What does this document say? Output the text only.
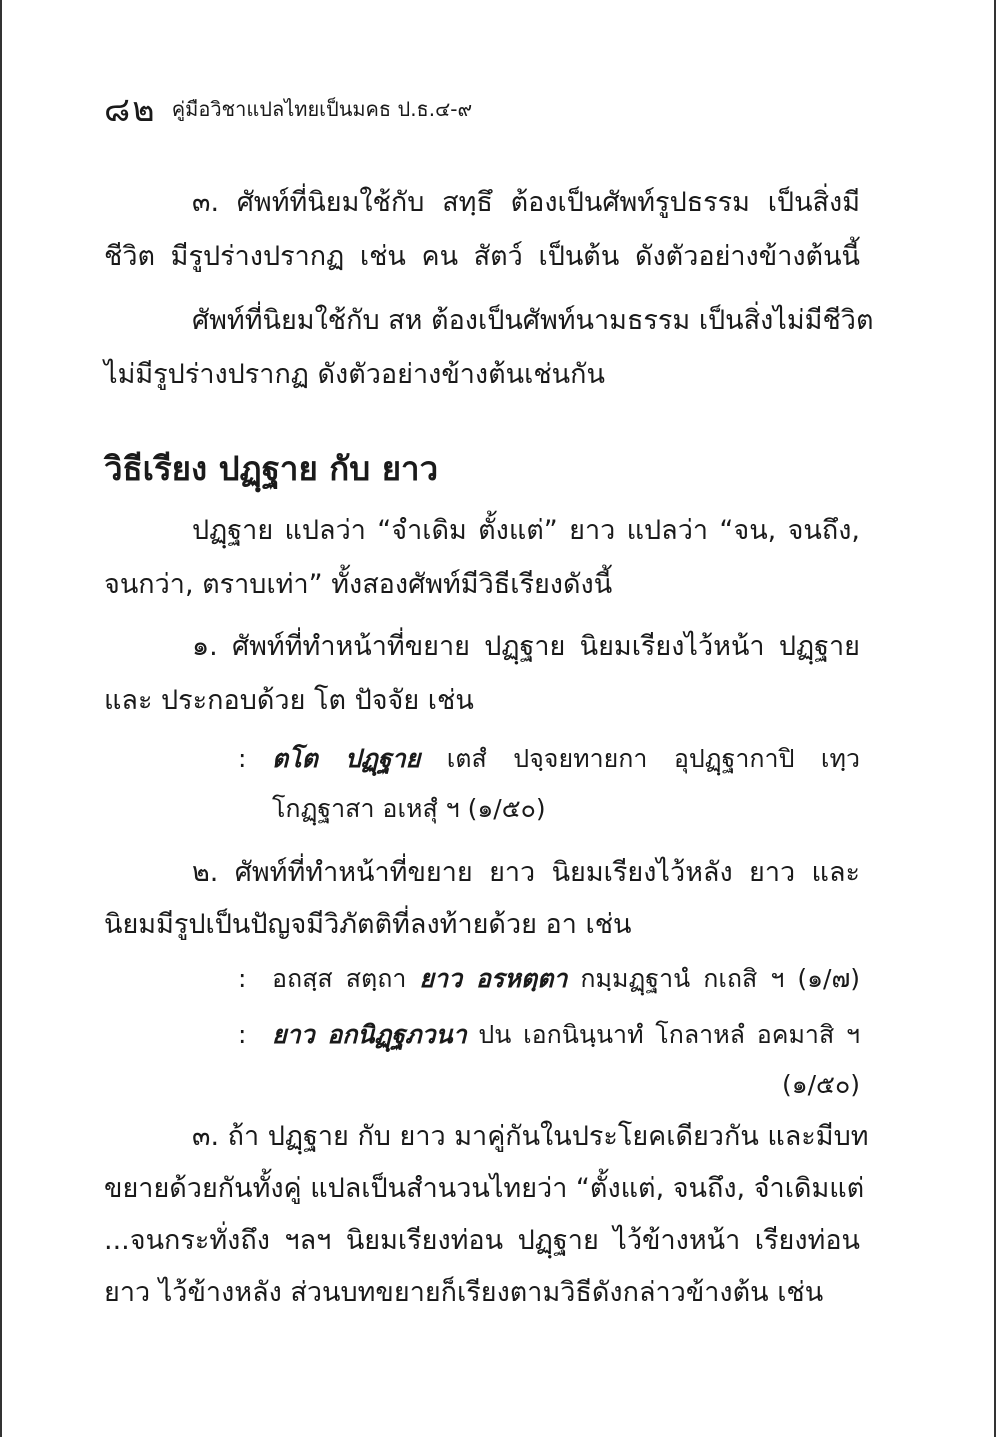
๘๒ คู่มือวิชาแปลไทยเป็นมคธ ป.ธ.๔-๙
๓. ศัพท์ที่นิยมใช้กับ สทฺธึ ต้องเป็นศัพท์รูปธรรม เป็นสิ่งมี
ชีวิต มีรูปร่างปรากฏ เช่น คน สัตว์ เป็นต้น ดังตัวอย่างข้างต้นนี้
ศัพท์ที่นิยมใช้กับ สห ต้องเป็นศัพท์นามธรรม เป็นสิ่งไม่มีชีวิต
ไม่มีรูปร่างปรากฏ ดังตัวอย่างข้างต้นเช่นกัน
วิธีเรียง ปฏฺฐาย กับ ยาว
ปฏฺฐาย แปลว่า “จำเดิม ตั้งแต่” ยาว แปลว่า “จน, จนถึง,
จนกว่า, ตราบเท่า” ทั้งสองศัพท์มีวิธีเรียงดังนี้
๑. ศัพท์ที่ทำหน้าที่ขยาย ปฏฺฐาย นิยมเรียงไว้หน้า ปฏฺฐาย
และ ประกอบด้วย โต ปัจจัย เช่น
:	ตโต ปฏฺฐาย เตสํ ปจฺจยทายกา อุปฏฺฐากาปิ เทฺว
โกฏฺฐาสา อเหสุํ ฯ (๑/๕๐)
๒. ศัพท์ที่ทำหน้าที่ขยาย ยาว นิยมเรียงไว้หลัง ยาว และ
นิยมมีรูปเป็นปัญจมีวิภัตติที่ลงท้ายด้วย อา เช่น
:	อถสฺส สตฺถา ยาว อรหตฺตา กมฺมฏฺฐานํ กเถสิ ฯ (๑/๗)
:	ยาว อกนิฏฺฐภวนา ปน เอกนินฺนาทํ โกลาหลํ อคมาสิ ฯ
(๑/๕๐)
๓. ถ้า ปฏฺฐาย กับ ยาว มาคู่กันในประโยคเดียวกัน และมีบท
ขยายด้วยกันทั้งคู่ แปลเป็นสำนวนไทยว่า “ตั้งแต่, จนถึง, จำเดิมแต่
...จนกระทั่งถึง ฯลฯ นิยมเรียงท่อน ปฏฺฐาย ไว้ข้างหน้า เรียงท่อน
ยาว ไว้ข้างหลัง ส่วนบทขยายก็เรียงตามวิธีดังกล่าวข้างต้น เช่น
